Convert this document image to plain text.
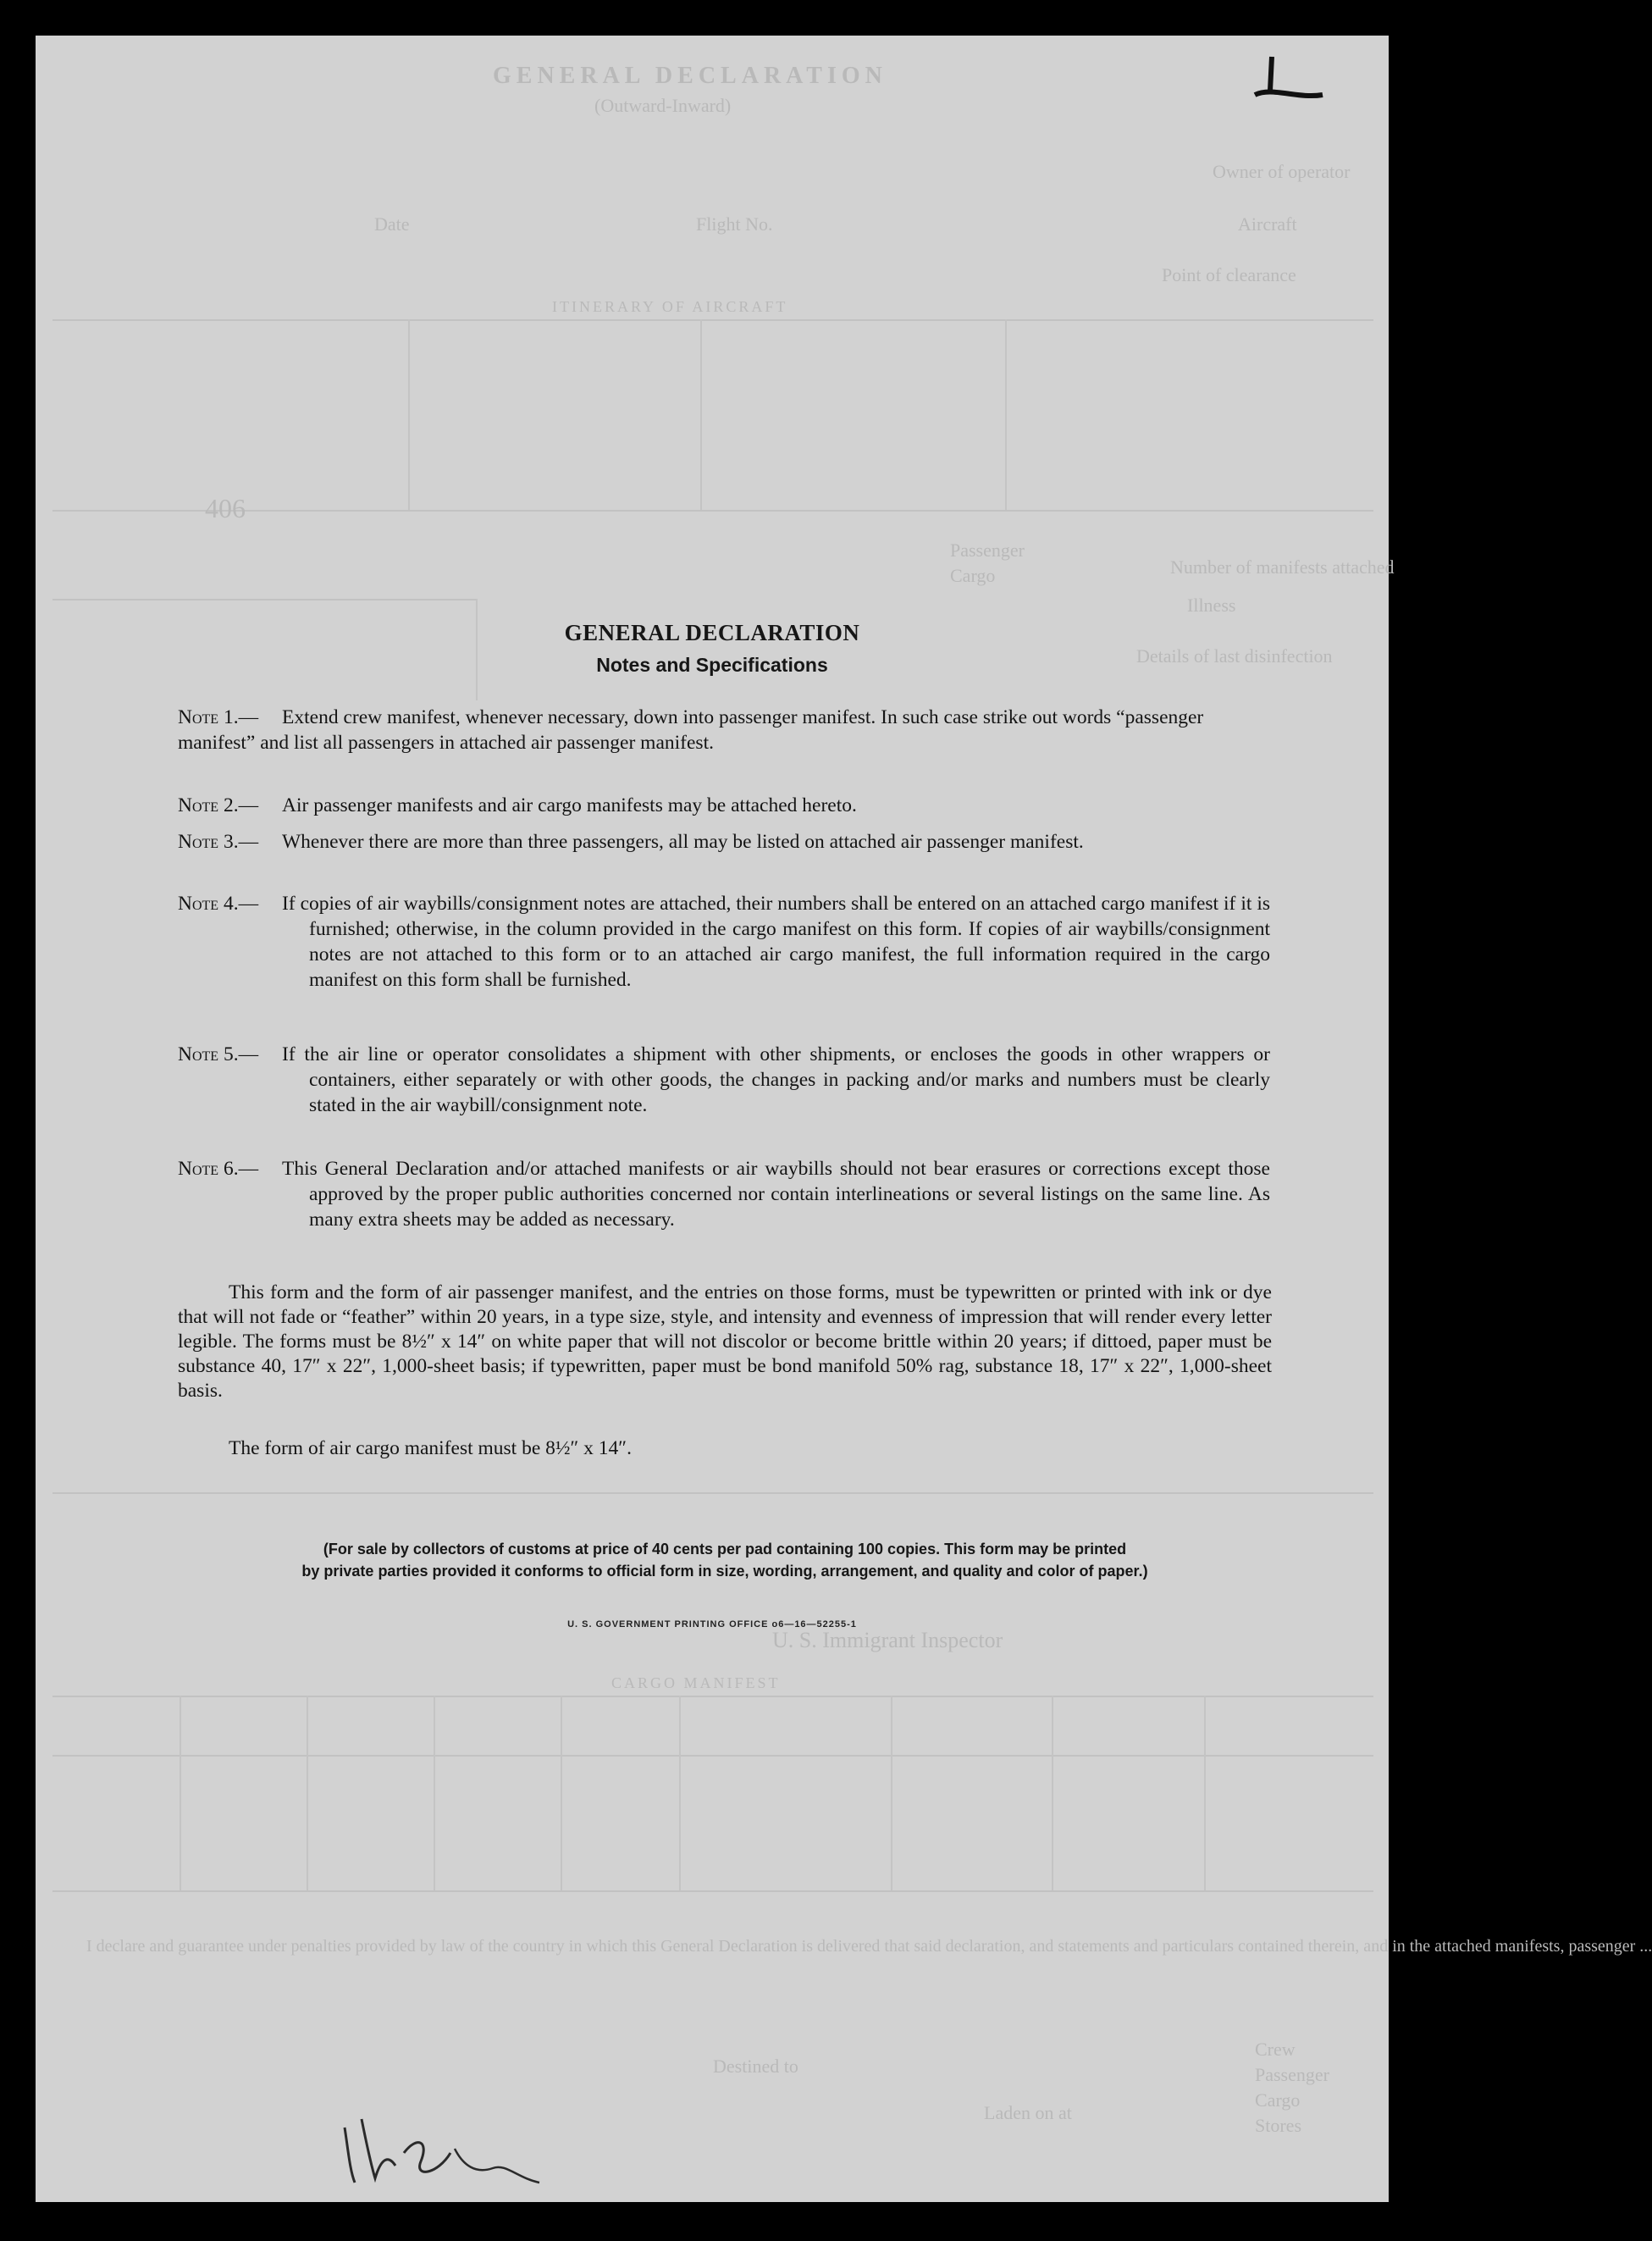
GENERAL DECLARATION
(Outward-Inward)
Owner of operator
Aircraft
Flight No.
Date
Point of clearance
ITINERARY OF AIRCRAFT
406
Number of manifests attached
Passenger
Cargo
Illness
Details of last disinfection
U. S. Immigrant Inspector
CARGO MANIFEST
I declare and guarantee under penalties provided by law of the country in which this General Declaration is delivered that said declaration, and statements and particulars contained therein, and in the attached manifests, passenger ...
Crew
Passenger
Cargo
Stores
Destined to
Laden on at
GENERAL DECLARATION
Notes and Specifications
Note 1.—	Extend crew manifest, whenever necessary, down into passenger manifest. In such case strike out words “passenger manifest” and list all passengers in attached air passenger manifest.
Note 2.—	Air passenger manifests and air cargo manifests may be attached hereto.
Note 3.—	Whenever there are more than three passengers, all may be listed on attached air passenger manifest.
Note 4.—	If copies of air waybills/consignment notes are attached, their numbers shall be entered on an attached cargo manifest if it is furnished; otherwise, in the column provided in the cargo manifest on this form. If copies of air waybills/consignment notes are not attached to this form or to an attached air cargo manifest, the full information required in the cargo manifest on this form shall be furnished.
Note 5.—	If the air line or operator consolidates a shipment with other shipments, or encloses the goods in other wrappers or containers, either separately or with other goods, the changes in packing and/or marks and numbers must be clearly stated in the air waybill/consignment note.
Note 6.—	This General Declaration and/or attached manifests or air waybills should not bear erasures or corrections except those approved by the proper public authorities concerned nor contain interlineations or several listings on the same line. As many extra sheets may be added as necessary.
This form and the form of air passenger manifest, and the entries on those forms, must be typewritten or printed with ink or dye that will not fade or “feather” within 20 years, in a type size, style, and intensity and evenness of impression that will render every letter legible. The forms must be 8½″ x 14″ on white paper that will not discolor or become brittle within 20 years; if dittoed, paper must be substance 40, 17″ x 22″, 1,000-sheet basis; if typewritten, paper must be bond manifold 50% rag, substance 18, 17″ x 22″, 1,000-sheet basis.
The form of air cargo manifest must be 8½″ x 14″.
(For sale by collectors of customs at price of 40 cents per pad containing 100 copies. This form may be printed
by private parties provided it conforms to official form in size, wording, arrangement, and quality and color of paper.)
U. S. GOVERNMENT PRINTING OFFICE o6—16—52255-1
